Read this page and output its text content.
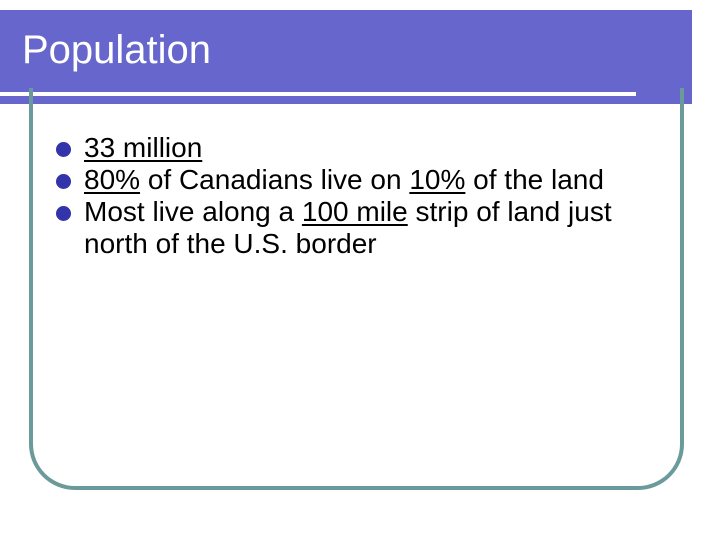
Population
33 million
80% of Canadians live on 10% of the land
Most live along a 100 mile strip of land just north of the U.S. border
